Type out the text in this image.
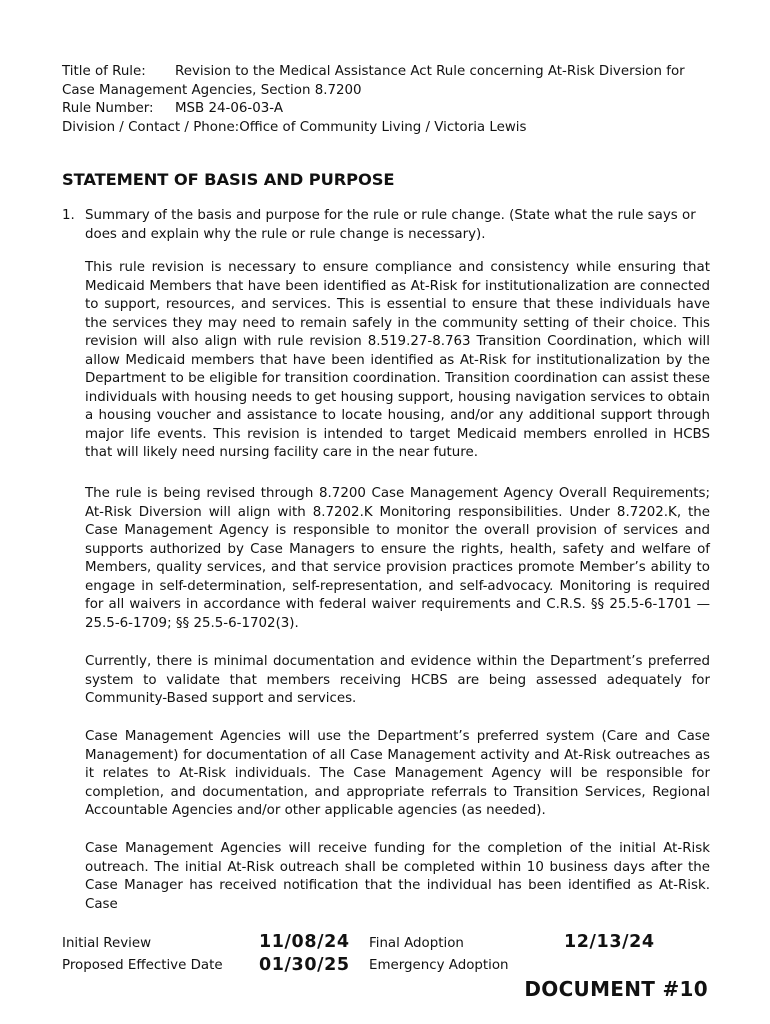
Title of Rule: Revision to the Medical Assistance Act Rule concerning At-Risk Diversion for
Case Management Agencies, Section 8.7200
Rule Number: MSB 24-06-03-A
Division / Contact / Phone:Office of Community Living / Victoria Lewis
STATEMENT OF BASIS AND PURPOSE
1. Summary of the basis and purpose for the rule or rule change. (State what the rule says or does and explain why the rule or rule change is necessary).
This rule revision is necessary to ensure compliance and consistency while ensuring that Medicaid Members that have been identified as At-Risk for institutionalization are connected to support, resources, and services. This is essential to ensure that these individuals have the services they may need to remain safely in the community setting of their choice. This revision will also align with rule revision 8.519.27-8.763 Transition Coordination, which will allow Medicaid members that have been identified as At-Risk for institutionalization by the Department to be eligible for transition coordination. Transition coordination can assist these individuals with housing needs to get housing support, housing navigation services to obtain a housing voucher and assistance to locate housing, and/or any additional support through major life events. This revision is intended to target Medicaid members enrolled in HCBS that will likely need nursing facility care in the near future.
The rule is being revised through 8.7200 Case Management Agency Overall Requirements; At-Risk Diversion will align with 8.7202.K Monitoring responsibilities. Under 8.7202.K, the Case Management Agency is responsible to monitor the overall provision of services and supports authorized by Case Managers to ensure the rights, health, safety and welfare of Members, quality services, and that service provision practices promote Member’s ability to engage in self-determination, self-representation, and self-advocacy. Monitoring is required for all waivers in accordance with federal waiver requirements and C.R.S. §§ 25.5-6-1701 — 25.5-6-1709; §§ 25.5-6-1702(3).
Currently, there is minimal documentation and evidence within the Department’s preferred system to validate that members receiving HCBS are being assessed adequately for Community-Based support and services.
Case Management Agencies will use the Department’s preferred system (Care and Case Management) for documentation of all Case Management activity and At-Risk outreaches as it relates to At-Risk individuals. The Case Management Agency will be responsible for completion, and documentation, and appropriate referrals to Transition Services, Regional Accountable Agencies and/or other applicable agencies (as needed).
Case Management Agencies will receive funding for the completion of the initial At-Risk outreach. The initial At-Risk outreach shall be completed within 10 business days after the Case Manager has received notification that the individual has been identified as At-Risk. Case
Initial Review	11/08/24 Final Adoption	12/13/24
Proposed Effective Date 01/30/25 Emergency Adoption
DOCUMENT #10
